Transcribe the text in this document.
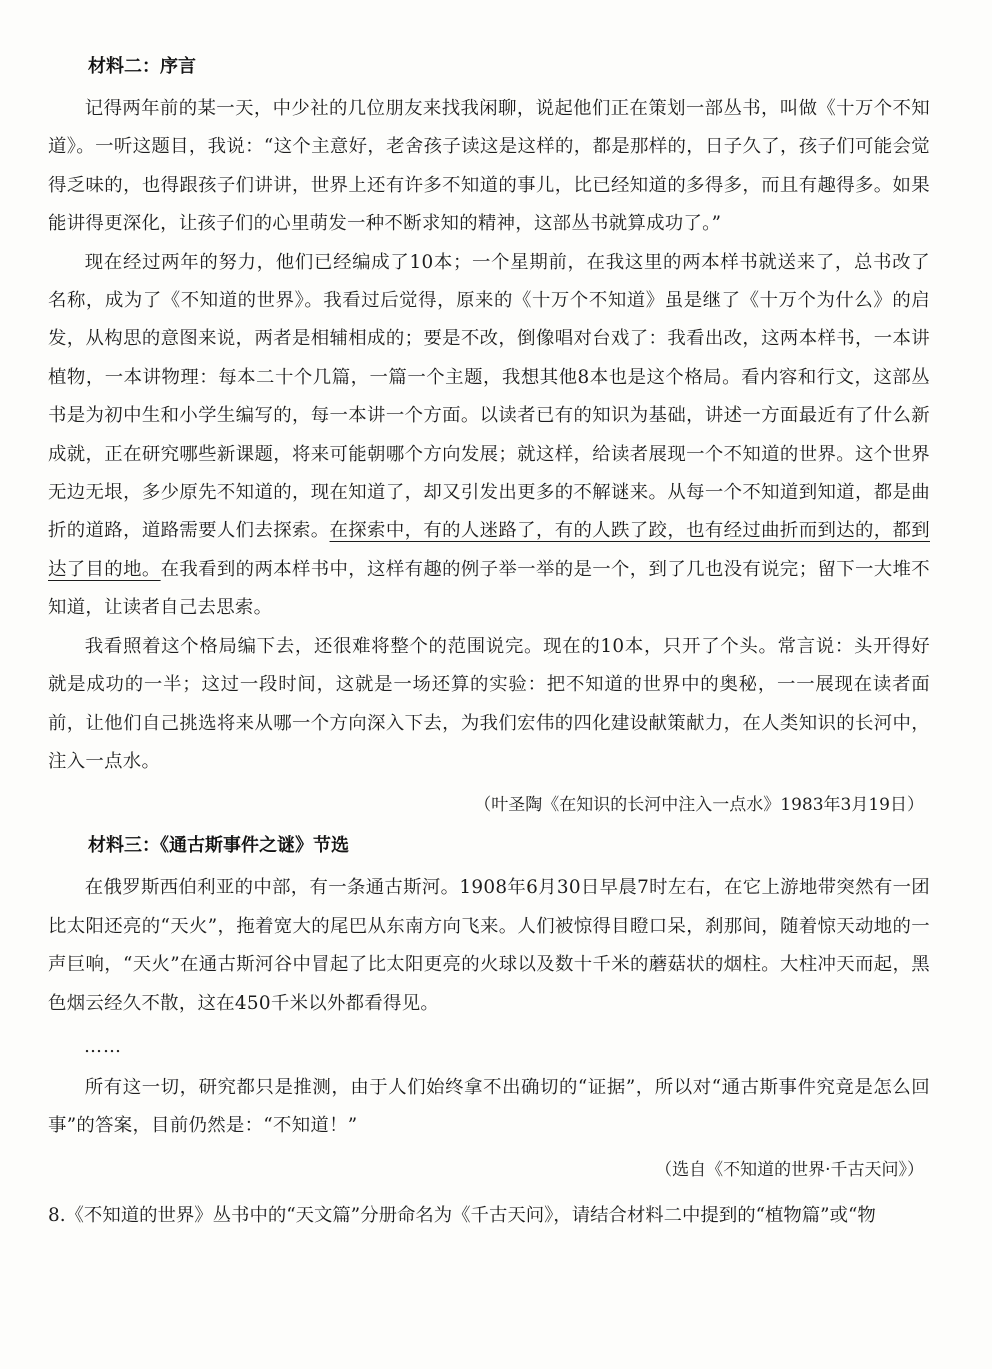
材料二：序言

记得两年前的某一天，中少社的几位朋友来找我闲聊，说起他们正在策划一部丛书，叫做《十万个不知道》。一听这题目，我说：“这个主意好，老舍孩子读这是这样的，都是那样的，日子久了，孩子们可能会觉得乏味的，也得跟孩子们讲讲，世界上还有许多不知道的事儿，比已经知道的多得多，而且有趣得多。如果能讲得更深化，让孩子们的心里萌发一种不断求知的精神，这部丛书就算成功了。”

现在经过两年的努力，他们已经编成了10本；一个星期前，在我这里的两本样书就送来了，总书改了名称，成为了《不知道的世界》。我看过后觉得，原来的《十万个不知道》虽是继了《十万个为什么》的启发，从构思的意图来说，两者是相辅相成的；要是不改，倒像唱对台戏了：我看出改，这两本样书，一本讲植物，一本讲物理：每本二十个几篇，一篇一个主题，我想其他8本也是这个格局。看内容和行文，这部丛书是为初中生和小学生编写的，每一本讲一个方面。以读者已有的知识为基础，讲述一方面最近有了什么新成就，正在研究哪些新课题，将来可能朝哪个方向发展；就这样，给读者展现一个不知道的世界。这个世界无边无垠，多少原先不知道的，现在知道了，却又引发出更多的不解谜来。从每一个不知道到知道，都是曲折的道路，道路需要人们去探索。在探索中，有的人迷路了，有的人跌了跤，也有经过曲折而到达的，都到达了目的地。在我看到的两本样书中，这样有趣的例子举一举的是一个，到了几也没有说完；留下一大堆不知道，让读者自己去思索。

我看照着这个格局编下去，还很难将整个的范围说完。现在的10本，只开了个头。常言说：头开得好就是成功的一半；这过一段时间，这就是一场还算的实验：把不知道的世界中的奥秘，一一展现在读者面前，让他们自己挑选将来从哪一个方向深入下去，为我们宏伟的四化建设献策献力，在人类知识的长河中，注入一点水。

（叶圣陶《在知识的长河中注入一点水》1983年3月19日）
材料三：《通古斯事件之谜》节选

在俄罗斯西伯利亚的中部，有一条通古斯河。1908年6月30日早晨7时左右，在它上游地带突然有一团比太阳还亮的“天火”，拖着宽大的尾巴从东南方向飞来。人们被惊得目瞪口呆，刹那间，随着惊天动地的一声巨响，“天火”在通古斯河谷中冒起了比太阳更亮的火球以及数十千米的蘑菇状的烟柱。大柱冲天而起，黑色烟云经久不散，这在450千米以外都看得见。

……

所有这一切，研究都只是推测，由于人们始终拿不出确切的“证据”，所以对“通古斯事件究竟是怎么回事”的答案，目前仍然是：“不知道！”

（选自《不知道的世界·千古天问》）
8.《不知道的世界》丛书中的“天文篇”分册命名为《千古天问》，请结合材料二中提到的“植物篇”或“物
